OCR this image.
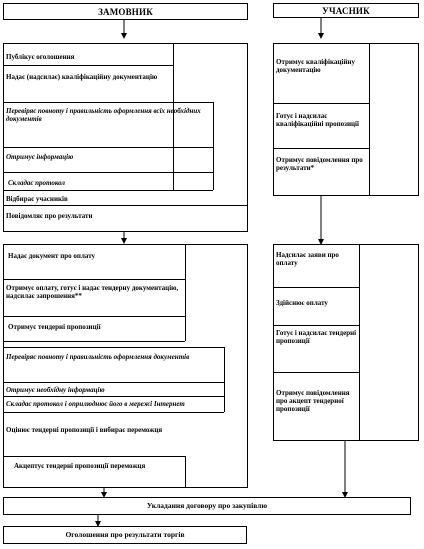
ЗАМОВНИК	УЧАСНИК
Публікує оголошення
Надає (надсилає) кваліфікаційну документацію
Перевіряє повноту і правильність оформлення всіх необхідних документів
Отримує інформацію
Складає протокол
Відбирає учасників
Повідомляє про результати
Отримує кваліфікаційну документацію
Готує і надсилає кваліфікаційні пропозиції
Отримує повідомлення про результати*
Надає документ про оплату
Отримує оплату, готує і надає тендерну документацію, надсилає запрошення**
Отримує тендерні пропозиції
Перевіряє повноту і правильність оформлення документів
Отримує необхідну інформацію
Складає протокол і оприлюднює його в мережі Інтернет
Оцінює тендерні пропозиції і вибирає переможця
Акцептує тендерні пропозиції переможця
Надсилає заяви про оплату
Здійснює оплату
Готує і надсилає тендерні пропозиції
Отримує повідомлення про акцепт тендерної пропозиції
Укладання договору про закупівлю
Оголошення про результати торгів
